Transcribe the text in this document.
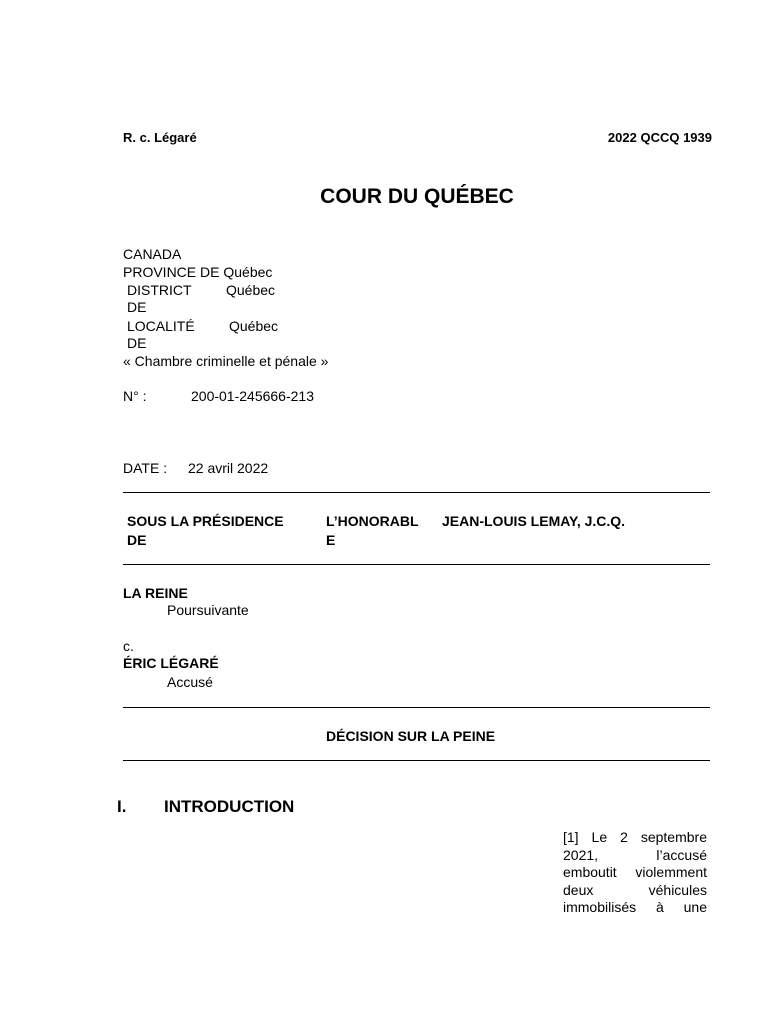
R. c. Légaré	2022 QCCQ 1939
COUR DU QUÉBEC
CANADA
PROVINCE DE Québec
DISTRICT Québec
DE
LOCALITÉ Québec
DE
« Chambre criminelle et pénale »
N° :	200-01-245666-213
DATE : 22 avril 2022
SOUS LA PRÉSIDENCE
DE
L’HONORABL
E
JEAN-LOUIS LEMAY, J.C.Q.
LA REINE
Poursuivante
c.
ÉRIC LÉGARÉ
Accusé
DÉCISION SUR LA PEINE
I. INTRODUCTION
[1] Le 2 septembre
2021, l’accusé
emboutit violemment
deux véhicules
immobilisés à une
